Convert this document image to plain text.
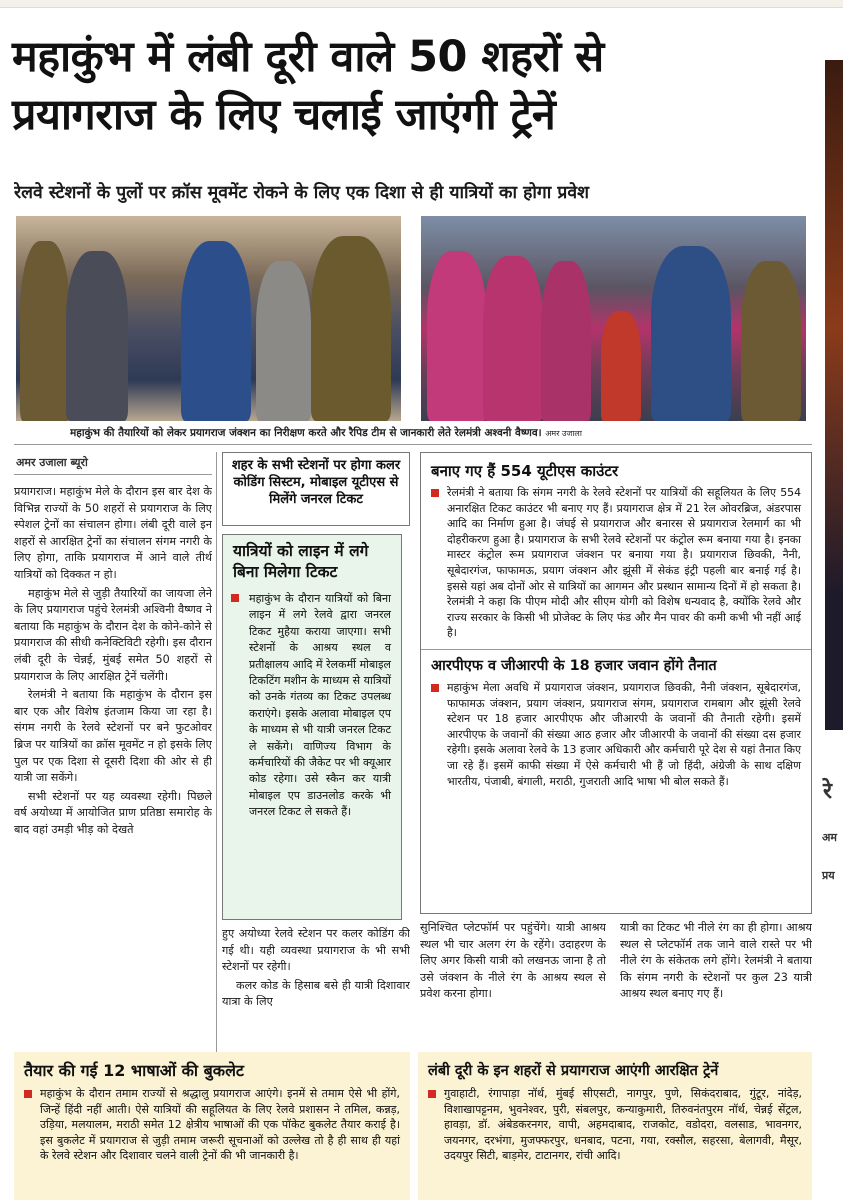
महाकुंभ में लंबी दूरी वाले 50 शहरों से
प्रयागराज के लिए चलाई जाएंगी ट्रेनें
रेलवे स्टेशनों के पुलों पर क्रॉस मूवमेंट रोकने के लिए एक दिशा से ही यात्रियों का होगा प्रवेश
महाकुंभ की तैयारियों को लेकर प्रयागराज जंक्शन का निरीक्षण करते और रैपिड टीम से जानकारी लेते रेलमंत्री अश्वनी वैष्णव। अमर उजाला
अमर उजाला ब्यूरो

प्रयागराज। महाकुंभ मेले के दौरान इस बार देश के विभिन्न राज्यों के 50 शहरों से प्रयागराज के लिए स्पेशल ट्रेनों का संचालन होगा। लंबी दूरी वाले इन शहरों से आरक्षित ट्रेनों का संचालन संगम नगरी के लिए होगा, ताकि प्रयागराज में आने वाले तीर्थ यात्रियों को दिक्कत न हो।

महाकुंभ मेले से जुड़ी तैयारियों का जायजा लेने के लिए प्रयागराज पहुंचे रेलमंत्री अश्विनी वैष्णव ने बताया कि महाकुंभ के दौरान देश के कोने-कोने से प्रयागराज की सीधी कनेक्टिविटी रहेगी। इस दौरान लंबी दूरी के चेन्नई, मुंबई समेत 50 शहरों से प्रयागराज के लिए आरक्षित ट्रेनें चलेंगी।

रेलमंत्री ने बताया कि महाकुंभ के दौरान इस बार एक और विशेष इंतजाम किया जा रहा है। संगम नगरी के रेलवे स्टेशनों पर बने फुटओवर ब्रिज पर यात्रियों का क्रॉस मूवमेंट न हो इसके लिए पुल पर एक दिशा से दूसरी दिशा की ओर से ही यात्री जा सकेंगे।

सभी स्टेशनों पर यह व्यवस्था रहेगी। पिछले वर्ष अयोध्या में आयोजित प्राण प्रतिष्ठा समारोह के बाद वहां उमड़ी भीड़ को देखते

शहर के सभी स्टेशनों पर होगा कलर कोडिंग सिस्टम, मोबाइल यूटीएस से मिलेंगे जनरल टिकट
यात्रियों को लाइन में लगे बिना मिलेगा टिकट
महाकुंभ के दौरान यात्रियों को बिना लाइन में लगे रेलवे द्वारा जनरल टिकट मुहैया कराया जाएगा। सभी स्टेशनों के आश्रय स्थल व प्रतीक्षालय आदि में रेलकर्मी मोबाइल टिकटिंग मशीन के माध्यम से यात्रियों को उनके गंतव्य का टिकट उपलब्ध कराएंगे। इसके अलावा मोबाइल एप के माध्यम से भी यात्री जनरल टिकट ले सकेंगे। वाणिज्य विभाग के कर्मचारियों की जैकेट पर भी क्यूआर कोड रहेगा। उसे स्कैन कर यात्री मोबाइल एप डाउनलोड करके भी जनरल टिकट ले सकते हैं।

हुए अयोध्या रेलवे स्टेशन पर कलर कोडिंग की गई थी। यही व्यवस्था प्रयागराज के भी सभी स्टेशनों पर रहेगी।

कलर कोड के हिसाब बसे ही यात्री दिशावार यात्रा के लिए

बनाए गए हैं 554 यूटीएस काउंटर
रेलमंत्री ने बताया कि संगम नगरी के रेलवे स्टेशनों पर यात्रियों की सहूलियत के लिए 554 अनारक्षित टिकट काउंटर भी बनाए गए हैं। प्रयागराज क्षेत्र में 21 रेल ओवरब्रिज, अंडरपास आदि का निर्माण हुआ है। जंघई से प्रयागराज और बनारस से प्रयागराज रेलमार्ग का भी दोहरीकरण हुआ है। प्रयागराज के सभी रेलवे स्टेशनों पर कंट्रोल रूम बनाया गया है। इनका मास्टर कंट्रोल रूम प्रयागराज जंक्शन पर बनाया गया है। प्रयागराज छिवकी, नैनी, सूबेदारगंज, फाफामऊ, प्रयाग जंक्शन और झूंसी में सेकंड इंट्री पहली बार बनाई गई है। इससे यहां अब दोनों ओर से यात्रियों का आगमन और प्रस्थान सामान्य दिनों में हो सकता है। रेलमंत्री ने कहा कि पीएम मोदी और सीएम योगी को विशेष धन्यवाद है, क्योंकि रेलवे और राज्य सरकार के किसी भी प्रोजेक्ट के लिए फंड और मैन पावर की कमी कभी भी नहीं आई है।
आरपीएफ व जीआरपी के 18 हजार जवान होंगे तैनात
महाकुंभ मेला अवधि में प्रयागराज जंक्शन, प्रयागराज छिवकी, नैनी जंक्शन, सूबेदारगंज, फाफामऊ जंक्शन, प्रयाग जंक्शन, प्रयागराज संगम, प्रयागराज रामबाग और झूंसी रेलवे स्टेशन पर 18 हजार आरपीएफ और जीआरपी के जवानों की तैनाती रहेगी। इसमें आरपीएफ के जवानों की संख्या आठ हजार और जीआरपी के जवानों की संख्या दस हजार रहेगी। इसके अलावा रेलवे के 13 हजार अधिकारी और कर्मचारी पूरे देश से यहां तैनात किए जा रहे हैं। इसमें काफी संख्या में ऐसे कर्मचारी भी हैं जो हिंदी, अंग्रेजी के साथ दक्षिण भारतीय, पंजाबी, बंगाली, मराठी, गुजराती आदि भाषा भी बोल सकते हैं।

सुनिश्चित प्लेटफॉर्म पर पहुंचेंगे। यात्री आश्रय स्थल भी चार अलग रंग के रहेंगे। उदाहरण के लिए अगर किसी यात्री को लखनऊ जाना है तो उसे जंक्शन के नीले रंग के आश्रय स्थल से प्रवेश करना होगा।

यात्री का टिकट भी नीले रंग का ही होगा। आश्रय स्थल से प्लेटफॉर्म तक जाने वाले रास्ते पर भी नीले रंग के संकेतक लगे होंगे। रेलमंत्री ने बताया कि संगम नगरी के स्टेशनों पर कुल 23 यात्री आश्रय स्थल बनाए गए हैं।

तैयार की गई 12 भाषाओं की बुकलेट
महाकुंभ के दौरान तमाम राज्यों से श्रद्धालु प्रयागराज आएंगे। इनमें से तमाम ऐसे भी होंगे, जिन्हें हिंदी नहीं आती। ऐसे यात्रियों की सहूलियत के लिए रेलवे प्रशासन ने तमिल, कन्नड़, उड़िया, मलयालम, मराठी समेत 12 क्षेत्रीय भाषाओं की एक पॉकेट बुकलेट तैयार कराई है। इस बुकलेट में प्रयागराज से जुड़ी तमाम जरूरी सूचनाओं को उल्लेख तो है ही साथ ही यहां के रेलवे स्टेशन और दिशावार चलने वाली ट्रेनों की भी जानकारी है।
लंबी दूरी के इन शहरों से प्रयागराज आएंगी आरक्षित ट्रेनें
गुवाहाटी, रंगापाड़ा नॉर्थ, मुंबई सीएसटी, नागपुर, पुणे, सिकंदराबाद, गुंटूर, नांदेड़, विशाखापट्टनम, भुवनेश्वर, पुरी, संबलपुर, कन्याकुमारी, तिरुवनंतपुरम नॉर्थ, चेन्नई सेंट्रल, हावड़ा, डॉ. अंबेडकरनगर, वापी, अहमदाबाद, राजकोट, वडोदरा, वलसाड, भावनगर, जयनगर, दरभंगा, मुजफ्फरपुर, धनबाद, पटना, गया, रक्सौल, सहरसा, बेलागवी, मैसूर, उदयपुर सिटी, बाड़मेर, टाटानगर, रांची आदि।
रे
अम
प्रय
